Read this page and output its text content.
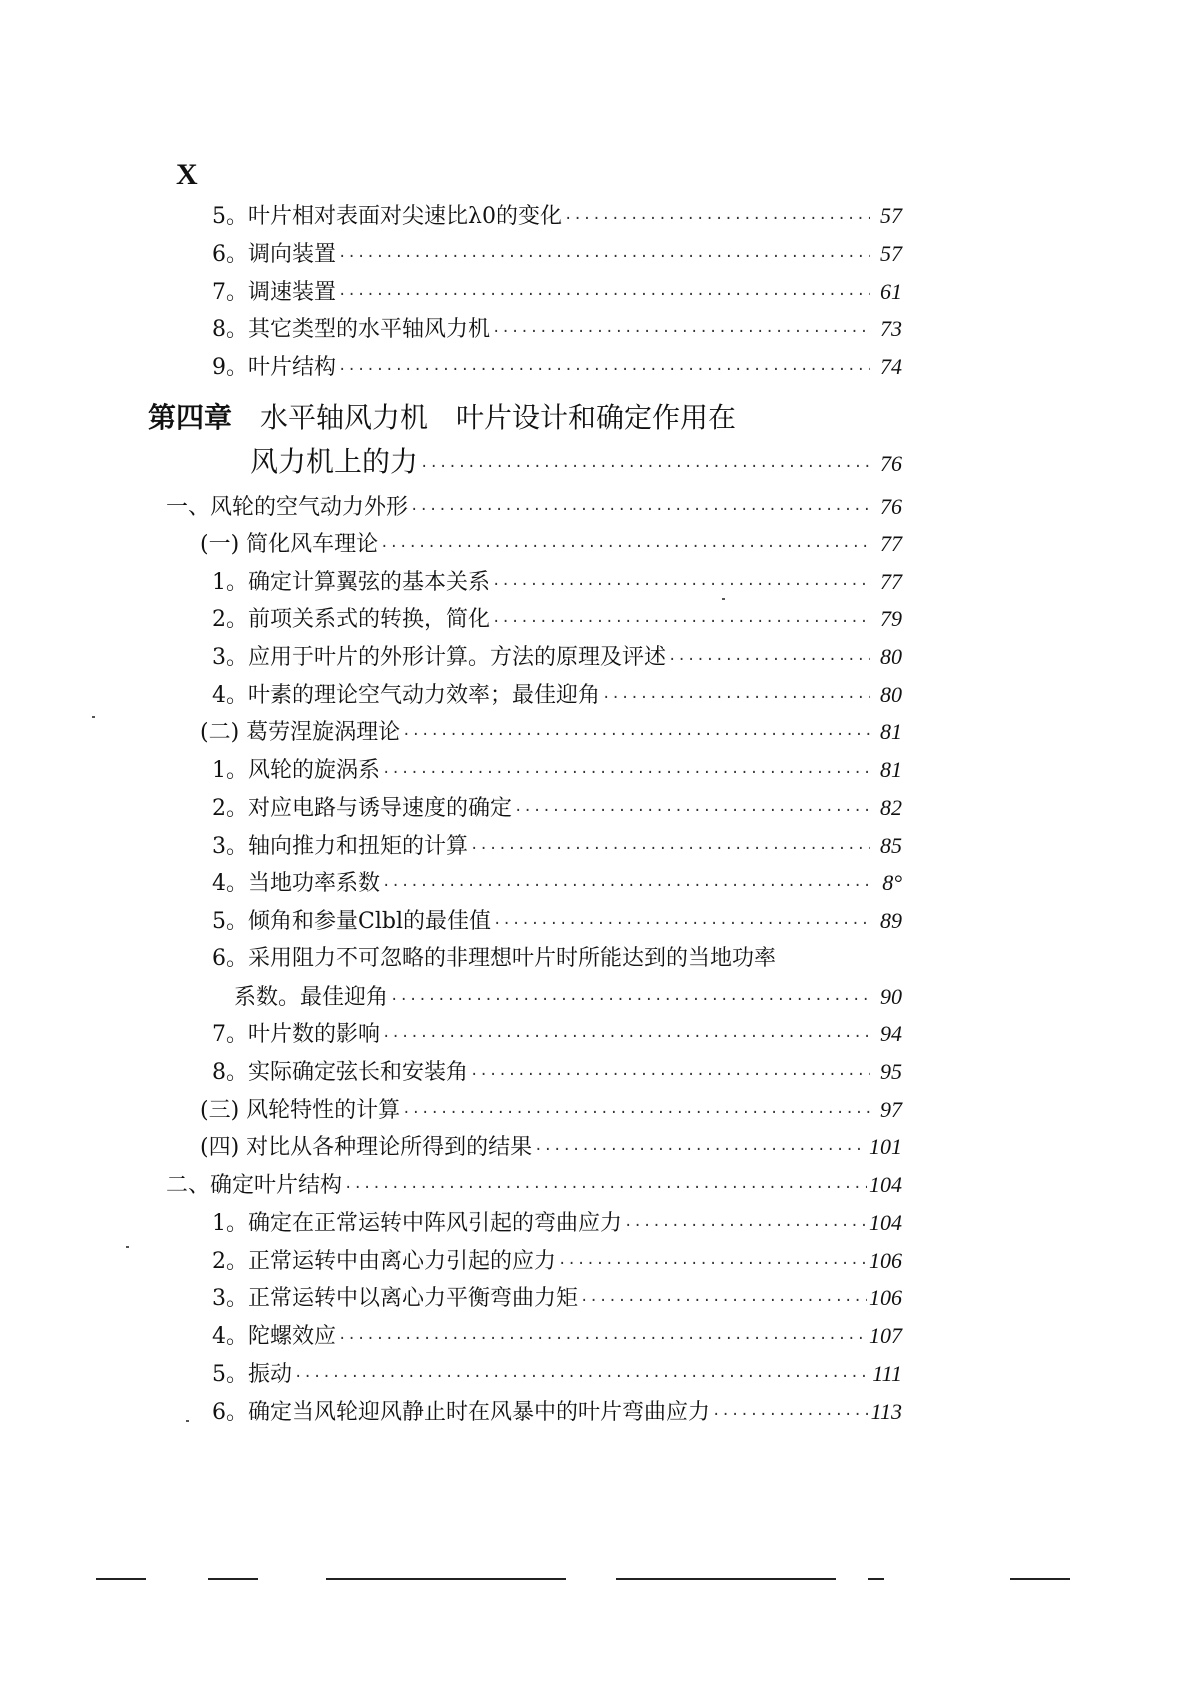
X
5。叶片相对表面对尖速比λ0的变化 ·····	57
6。调向装置 ·····	57
7。调速装置 ·····	61
8。其它类型的水平轴风力机 ·····	73
9。叶片结构 ·····	74
第四章 水平轴风力机　叶片设计和确定作用在
风力机上的力 ·····	76
一、风轮的空气动力外形 ·····	76
(一) 简化风车理论 ·····	77
1。确定计算翼弦的基本关系 ·····	77
2。前项关系式的转换，简化 ·····	79
3。应用于叶片的外形计算。方法的原理及评述 ·····	80
4。叶素的理论空气动力效率；最佳迎角 ·····	80
(二) 葛劳涅旋涡理论 ·····	81
1。风轮的旋涡系 ·····	81
2。对应电路与诱导速度的确定 ·····	82
3。轴向推力和扭矩的计算 ·····	85
4。当地功率系数 ·····	8°
5。倾角和参量Clbl的最佳值 ·····	89
6。采用阻力不可忽略的非理想叶片时所能达到的当地功率
系数。最佳迎角 ·····	90
7。叶片数的影响 ·····	94
8。实际确定弦长和安装角 ·····	95
(三) 风轮特性的计算 ·····	97
(四) 对比从各种理论所得到的结果 ·····	101
二、确定叶片结构 ·····	104
1。确定在正常运转中阵风引起的弯曲应力 ·····	104
2。正常运转中由离心力引起的应力 ·····	106
3。正常运转中以离心力平衡弯曲力矩 ·····	106
4。陀螺效应 ·····	107
5。振动 ·····	111
6。确定当风轮迎风静止时在风暴中的叶片弯曲应力 ·····	113
